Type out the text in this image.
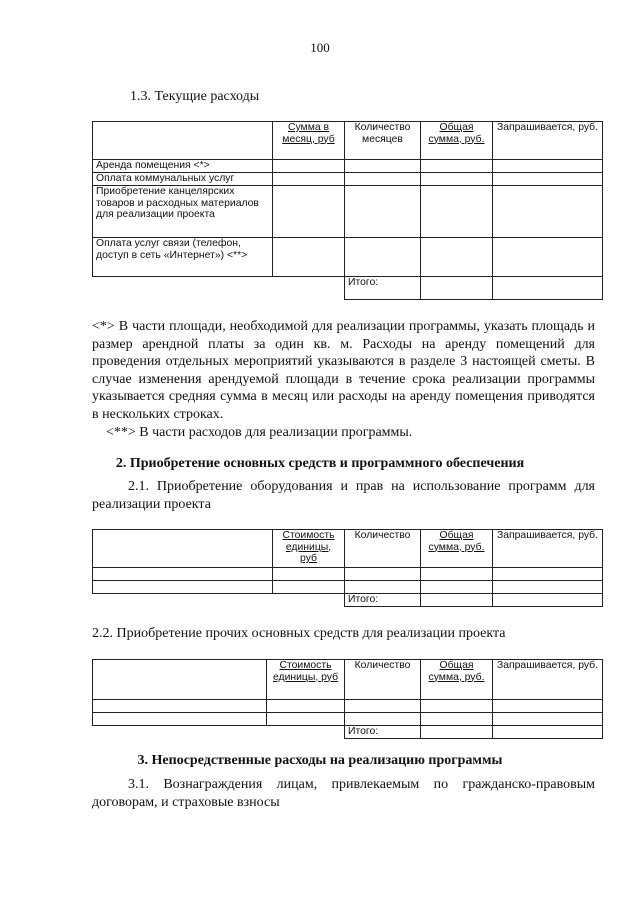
100
1.3. Текущие расходы
	Сумма в месяц, руб	Количество месяцев	Общая сумма, руб.	Запрашивается, руб.
Аренда помещения <*>				
Оплата коммунальных услуг				
Приобретение канцелярских товаров и расходных материалов для реализации проекта				
Оплата услуг связи (телефон, доступ в сеть «Интернет») <**>				
		Итого:		
<*> В части площади, необходимой для реализации программы, указать площадь и размер арендной платы за один кв. м. Расходы на аренду помещений для проведения отдельных мероприятий указываются в разделе 3 настоящей сметы. В случае изменения арендуемой площади в течение срока реализации программы указывается средняя сумма в месяц или расходы на аренду помещения приводятся в нескольких строках.
<**> В части расходов для реализации программы.
2. Приобретение основных средств и программного обеспечения
2.1. Приобретение оборудования и прав на использование программ для реализации проекта
	Стоимость единицы, руб	Количество	Общая сумма, руб.	Запрашивается, руб.

		Итого:		
2.2. Приобретение прочих основных средств для реализации проекта
	Стоимость единицы, руб	Количество	Общая сумма, руб.	Запрашивается, руб.

		Итого:		
3. Непосредственные расходы на реализацию программы
3.1. Вознаграждения лицам, привлекаемым по гражданско-правовым договорам, и страховые взносы
